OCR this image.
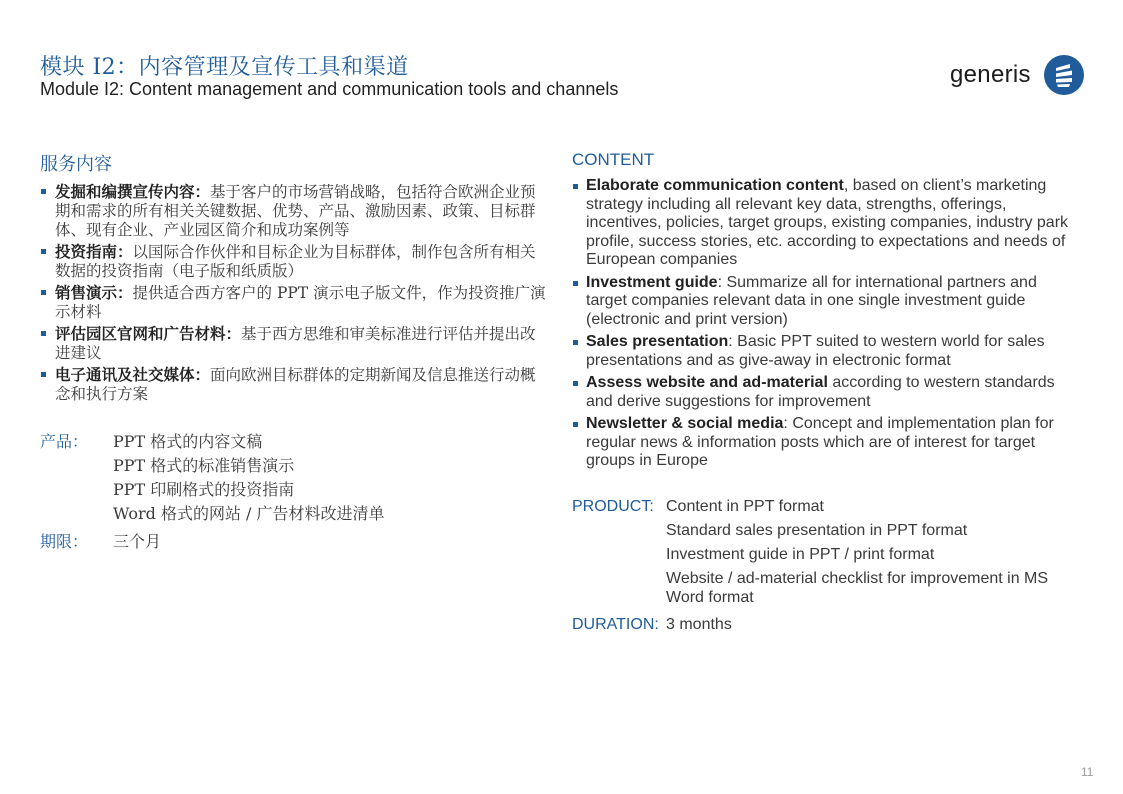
模块 I2：内容管理及宣传工具和渠道
Module I2: Content management and communication tools and channels
generis
服务内容
发掘和编撰宣传内容：基于客户的市场营销战略，包括符合欧洲企业预期和需求的所有相关关键数据、优势、产品、激励因素、政策、目标群体、现有企业、产业园区简介和成功案例等
投资指南：以国际合作伙伴和目标企业为目标群体，制作包含所有相关数据的投资指南（电子版和纸质版）
销售演示：提供适合西方客户的 PPT 演示电子版文件，作为投资推广演示材料
评估园区官网和广告材料：基于西方思维和审美标准进行评估并提出改进建议
电子通讯及社交媒体：面向欧洲目标群体的定期新闻及信息推送行动概念和执行方案
产品：	PPT 格式的内容文稿
PPT 格式的标准销售演示
PPT 印刷格式的投资指南
Word 格式的网站 / 广告材料改进清单
期限：	三个月
CONTENT
Elaborate communication content, based on client’s marketing strategy including all relevant key data, strengths, offerings, incentives, policies, target groups, existing companies, industry park profile, success stories, etc. according to expectations and needs of European companies
Investment guide: Summarize all for international partners and target companies relevant data in one single investment guide (electronic and print version)
Sales presentation: Basic PPT suited to western world for sales presentations and as give-away in electronic format
Assess website and ad-material according to western standards and derive suggestions for improvement
Newsletter & social media: Concept and implementation plan for regular news & information posts which are of interest for target groups in Europe
PRODUCT: Content in PPT format
Standard sales presentation in PPT format
Investment guide in PPT / print format
Website / ad-material checklist for improvement in MS Word format
DURATION: 3 months
11
